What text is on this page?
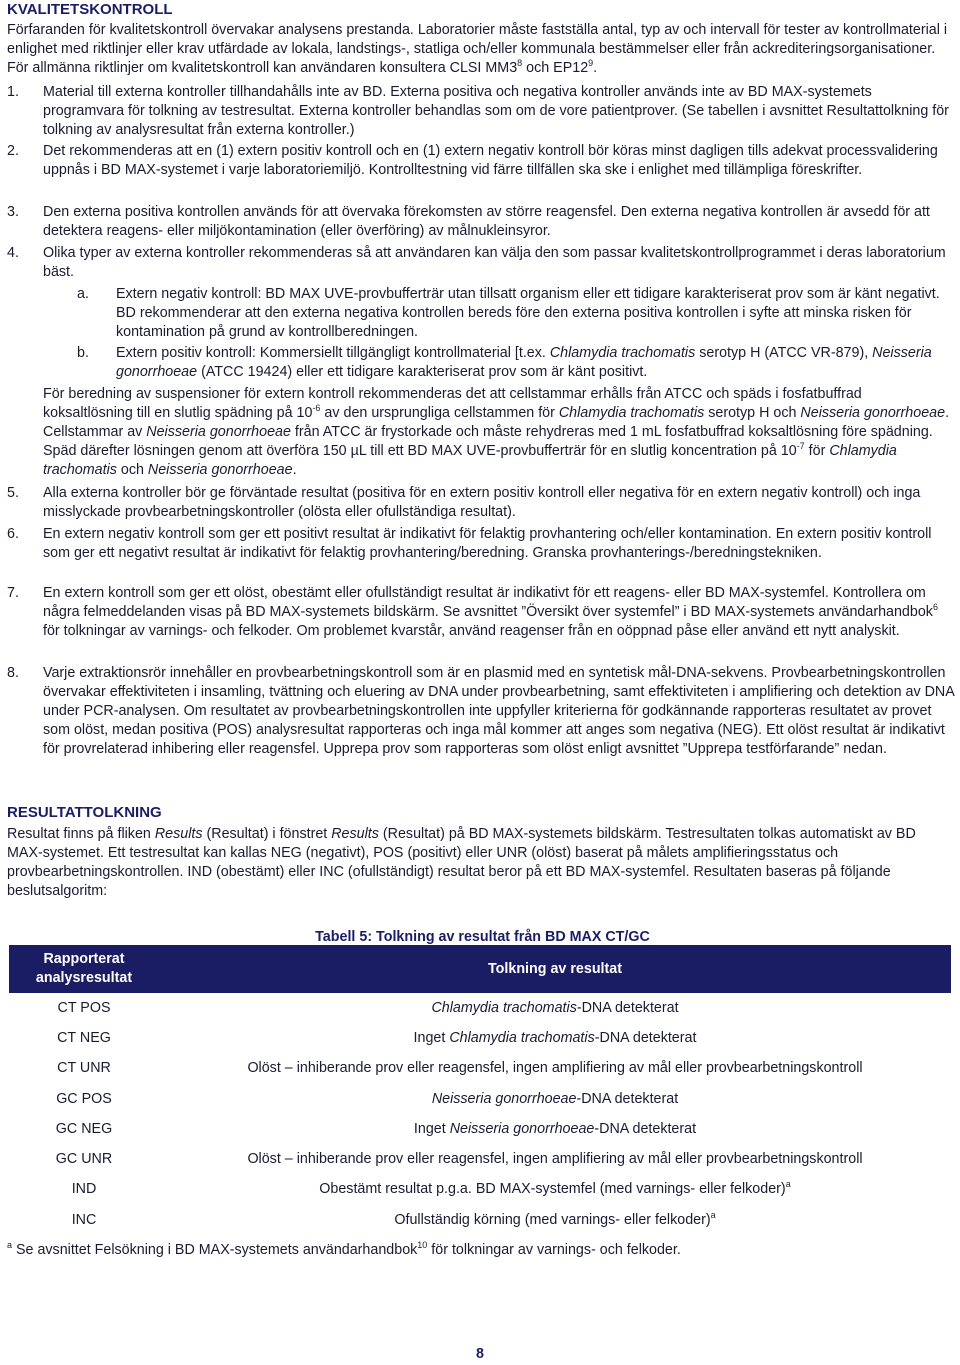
KVALITETSKONTROLL

Förfaranden för kvalitetskontroll övervakar analysens prestanda. Laboratorier måste fastställa antal, typ av och intervall för tester av kontrollmaterial i enlighet med riktlinjer eller krav utfärdade av lokala, landstings-, statliga och/eller kommunala bestämmelser eller från ackrediteringsorganisationer. För allmänna riktlinjer om kvalitetskontroll kan användaren konsultera CLSI $MM3^8$ och $EP12^9$.

1.	Material till externa kontroller tillhandahålls inte av BD. Externa positiva och negativa kontroller används inte av BD MAX-systemets programvara för tolkning av testresultat. Externa kontroller behandlas som om de vore patientprover. (Se tabellen i avsnittet Resultattolkning för tolkning av analysresultat från externa kontroller.)

2.	Det rekommenderas att en (1) extern positiv kontroll och en (1) extern negativ kontroll bör köras minst dagligen tills adekvat processvalidering uppnås i BD MAX-systemet i varje laboratoriemiljö. Kontrolltestning vid färre tillfällen ska ske i enlighet med tillämpliga föreskrifter.

3.	Den externa positiva kontrollen används för att övervaka förekomsten av större reagensfel. Den externa negativa kontrollen är avsedd för att detektera reagens- eller miljökontamination (eller överföring) av målnukleinsyror.

4.	Olika typer av externa kontroller rekommenderas så att användaren kan välja den som passar kvalitetskontrollprogrammet i deras laboratorium bäst.

a.	Extern negativ kontroll: BD MAX UVE-provbufferträr utan tillsatt organism eller ett tidigare karakteriserat prov som är känt negativt. BD rekommenderar att den externa negativa kontrollen bereds före den externa positiva kontrollen i syfte att minska risken för kontamination på grund av kontrollberedningen.

b.	Extern positiv kontroll: Kommersiellt tillgängligt kontrollmaterial [t.ex. Chlamydia trachomatis serotyp H (ATCC VR-879), Neisseria gonorrhoeae (ATCC 19424) eller ett tidigare karakteriserat prov som är känt positivt.

För beredning av suspensioner för extern kontroll rekommenderas det att cellstammar erhålls från ATCC och späds i fosfatbuffrad koksaltlösning till en slutlig spädning på $10^{-6}$ av den ursprungliga cellstammen för Chlamydia trachomatis serotyp H och Neisseria gonorrhoeae. Cellstammar av Neisseria gonorrhoeae från ATCC är frystorkade och måste rehydreras med 1 mL fosfatbuffrad koksaltlösning före spädning. Späd därefter lösningen genom att överföra 150 µL till ett BD MAX UVE-provbufferträr för en slutlig koncentration på $10^{-7}$ för Chlamydia trachomatis och Neisseria gonorrhoeae.

5.	Alla externa kontroller bör ge förväntade resultat (positiva för en extern positiv kontroll eller negativa för en extern negativ kontroll) och inga misslyckade provbearbetningskontroller (olösta eller ofullständiga resultat).

6.	En extern negativ kontroll som ger ett positivt resultat är indikativt för felaktig provhantering och/eller kontamination. En extern positiv kontroll som ger ett negativt resultat är indikativt för felaktig provhantering/beredning. Granska provhanterings-/beredningstekniken.

7.	En extern kontroll som ger ett olöst, obestämt eller ofullständigt resultat är indikativt för ett reagens- eller BD MAX-systemfel. Kontrollera om några felmeddelanden visas på BD MAX-systemets bildskärm. Se avsnittet ”Översikt över systemfel” i BD MAX-systemets användarhandbok$^6$ för tolkningar av varnings- och felkoder. Om problemet kvarstår, använd reagenser från en oöppnad påse eller använd ett nytt analyskit.

8.	Varje extraktionsrör innehåller en provbearbetningskontroll som är en plasmid med en syntetisk mål-DNA-sekvens. Provbearbetningskontrollen övervakar effektiviteten i insamling, tvättning och eluering av DNA under provbearbetning, samt effektiviteten i amplifiering och detektion av DNA under PCR-analysen. Om resultatet av provbearbetningskontrollen inte uppfyller kriterierna för godkännande rapporteras resultatet av provet som olöst, medan positiva (POS) analysresultat rapporteras och inga mål kommer att anges som negativa (NEG). Ett olöst resultat är indikativt för provrelaterad inhibering eller reagensfel. Upprepa prov som rapporteras som olöst enligt avsnittet ”Upprepa testförfarande” nedan.

RESULTATTOLKNING

Resultat finns på fliken Results (Resultat) i fönstret Results (Resultat) på BD MAX-systemets bildskärm. Testresultaten tolkas automatiskt av BD MAX-systemet. Ett testresultat kan kallas NEG (negativt), POS (positivt) eller UNR (olöst) baserat på målets amplifieringsstatus och provbearbetningskontrollen. IND (obestämt) eller INC (ofullständigt) resultat beror på ett BD MAX-systemfel. Resultaten baseras på följande beslutsalgoritm:

Tabell 5: Tolkning av resultat från BD MAX CT/GC
Rapporterat analysresultat	Tolkning av resultat
CT POS	Chlamydia trachomatis-DNA detekterat
CT NEG	Inget Chlamydia trachomatis-DNA detekterat
CT UNR	Olöst – inhiberande prov eller reagensfel, ingen amplifiering av mål eller provbearbetningskontroll
GC POS	Neisseria gonorrhoeae-DNA detekterat
GC NEG	Inget Neisseria gonorrhoeae-DNA detekterat
GC UNR	Olöst – inhiberande prov eller reagensfel, ingen amplifiering av mål eller provbearbetningskontroll
IND	Obestämt resultat p.g.a. BD MAX-systemfel (med varnings- eller felkoder)$^a$
INC	Ofullständig körning (med varnings- eller felkoder)$^a$

$^a$ Se avsnittet Felsökning i BD MAX-systemets användarhandbok$^{10}$ för tolkningar av varnings- och felkoder.

8
